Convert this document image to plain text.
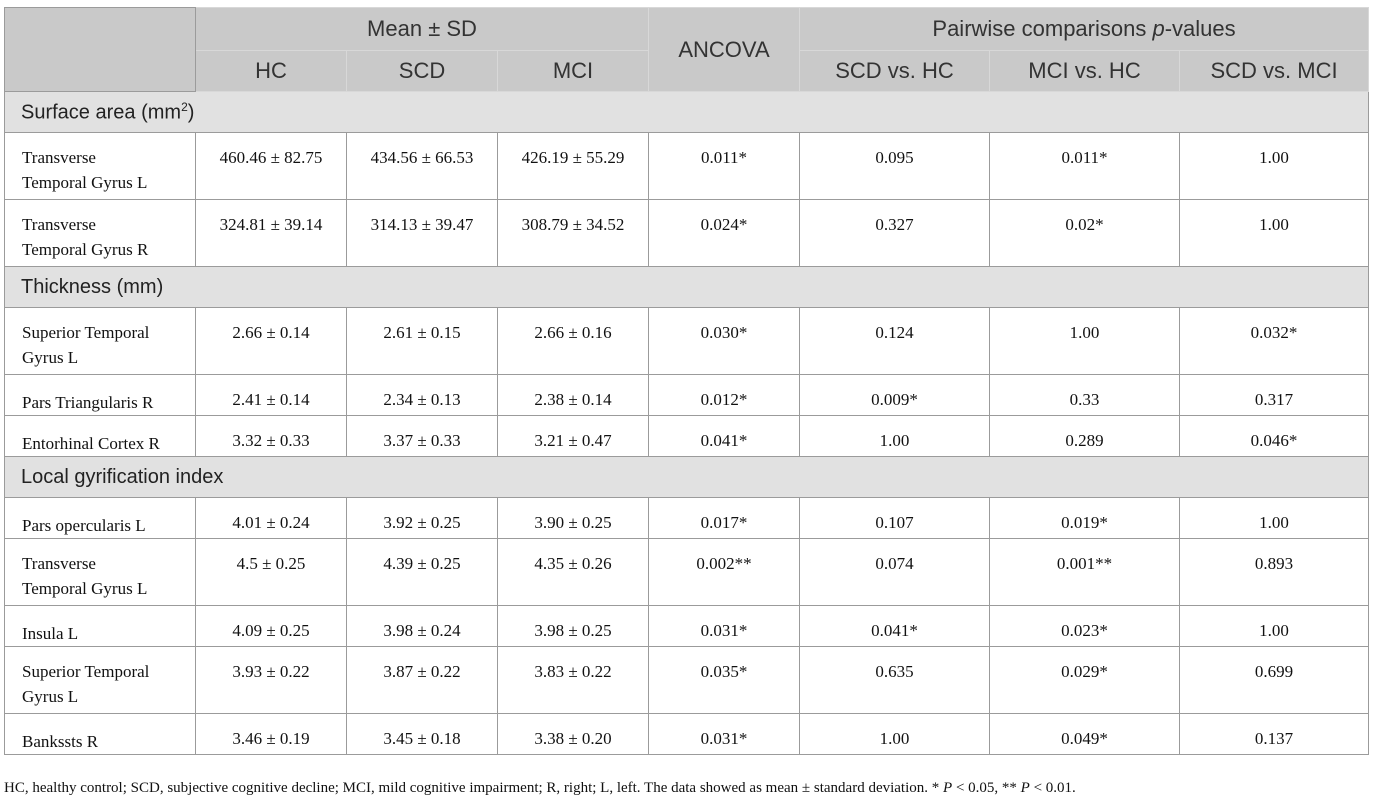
	Mean ± SD			ANCOVA	Pairwise comparisons p-values		
	HC	SCD	MCI		SCD vs. HC	MCI vs. HC	SCD vs. MCI
Surface area $(mm^2)$							
Transverse
Temporal Gyrus L	460.46 ± 82.75	434.56 ± 66.53	426.19 ± 55.29	0.011*	0.095	0.011*	1.00
Transverse
Temporal Gyrus R	324.81 ± 39.14	314.13 ± 39.47	308.79 ± 34.52	0.024*	0.327	0.02*	1.00
Thickness (mm)							
Superior Temporal
Gyrus L	2.66 ± 0.14	2.61 ± 0.15	2.66 ± 0.16	0.030*	0.124	1.00	0.032*
Pars Triangularis R	2.41 ± 0.14	2.34 ± 0.13	2.38 ± 0.14	0.012*	0.009*	0.33	0.317
Entorhinal Cortex R	3.32 ± 0.33	3.37 ± 0.33	3.21 ± 0.47	0.041*	1.00	0.289	0.046*
Local gyrification index							
Pars opercularis L	4.01 ± 0.24	3.92 ± 0.25	3.90 ± 0.25	0.017*	0.107	0.019*	1.00
Transverse
Temporal Gyrus L	4.5 ± 0.25	4.39 ± 0.25	4.35 ± 0.26	0.002**	0.074	0.001**	0.893
Insula L	4.09 ± 0.25	3.98 ± 0.24	3.98 ± 0.25	0.031*	0.041*	0.023*	1.00
Superior Temporal
Gyrus L	3.93 ± 0.22	3.87 ± 0.22	3.83 ± 0.22	0.035*	0.635	0.029*	0.699
Bankssts R	3.46 ± 0.19	3.45 ± 0.18	3.38 ± 0.20	0.031*	1.00	0.049*	0.137
HC, healthy control; SCD, subjective cognitive decline; MCI, mild cognitive impairment; R, right; L, left. The data showed as mean ± standard deviation. * P < 0.05, ** P < 0.01.
